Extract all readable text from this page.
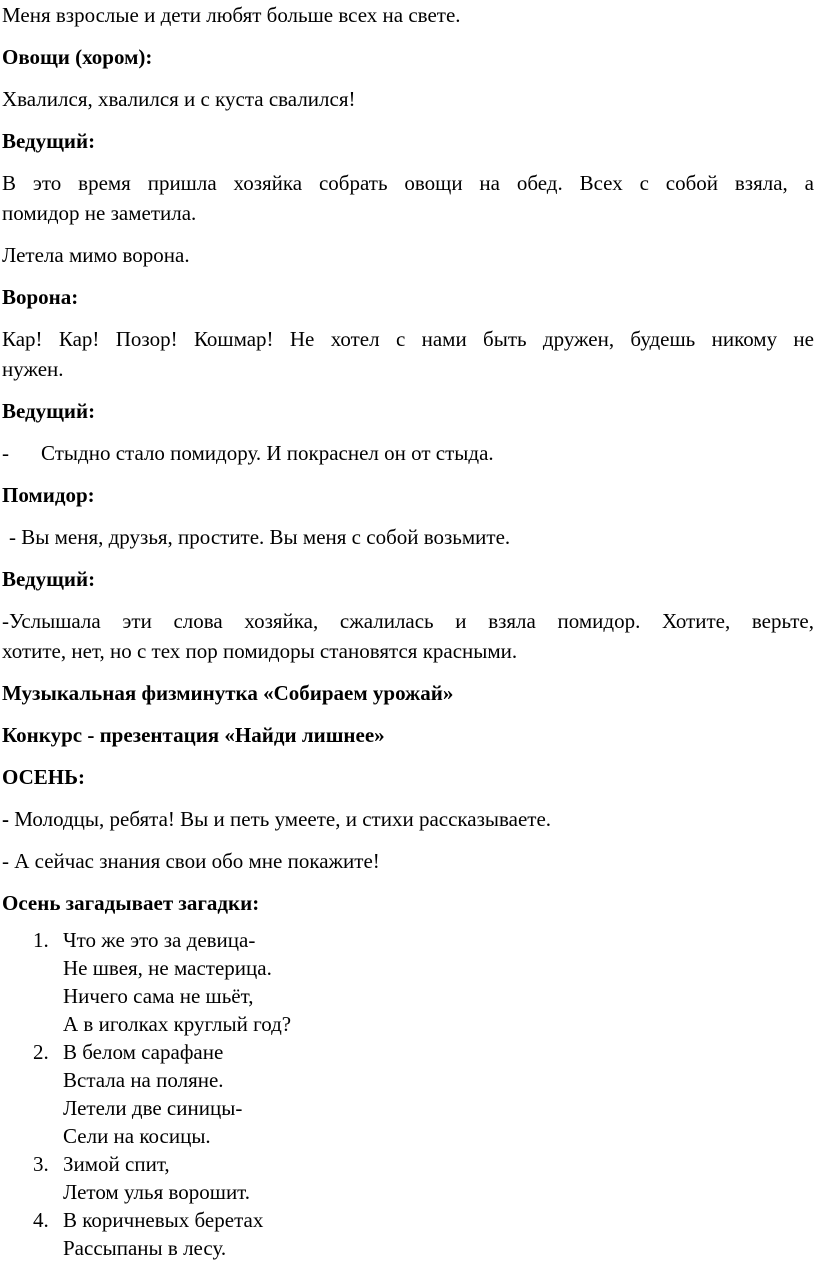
Меня взрослые и дети любят больше всех на свете.
Овощи (хором):
Хвалился, хвалился и с куста свалился!
Ведущий:
В это время пришла хозяйка собрать овощи на обед. Всех с собой взяла, а
помидор не заметила.
Летела мимо ворона.
Ворона:
Кар! Кар! Позор! Кошмар! Не хотел с нами быть дружен, будешь никому не
нужен.
Ведущий:
- Стыдно стало помидору. И покраснел он от стыда.
Помидор:
- Вы меня, друзья, простите. Вы меня с собой возьмите.
Ведущий:
-Услышала эти слова хозяйка, сжалилась и взяла помидор. Хотите, верьте,
хотите, нет, но с тех пор помидоры становятся красными.
Музыкальная физминутка «Собираем урожай»
Конкурс - презентация «Найди лишнее»
ОСЕНЬ:
- Молодцы, ребята! Вы и петь умеете, и стихи рассказываете.
- А сейчас знания свои обо мне покажите!
Осень загадывает загадки:
1. Что же это за девица-
Не швея, не мастерица.
Ничего сама не шьёт,
А в иголках круглый год?
2. В белом сарафане
Встала на поляне.
Летели две синицы-
Сели на косицы.
3. Зимой спит,
Летом улья ворошит.
4. В коричневых беретах
Рассыпаны в лесу.
